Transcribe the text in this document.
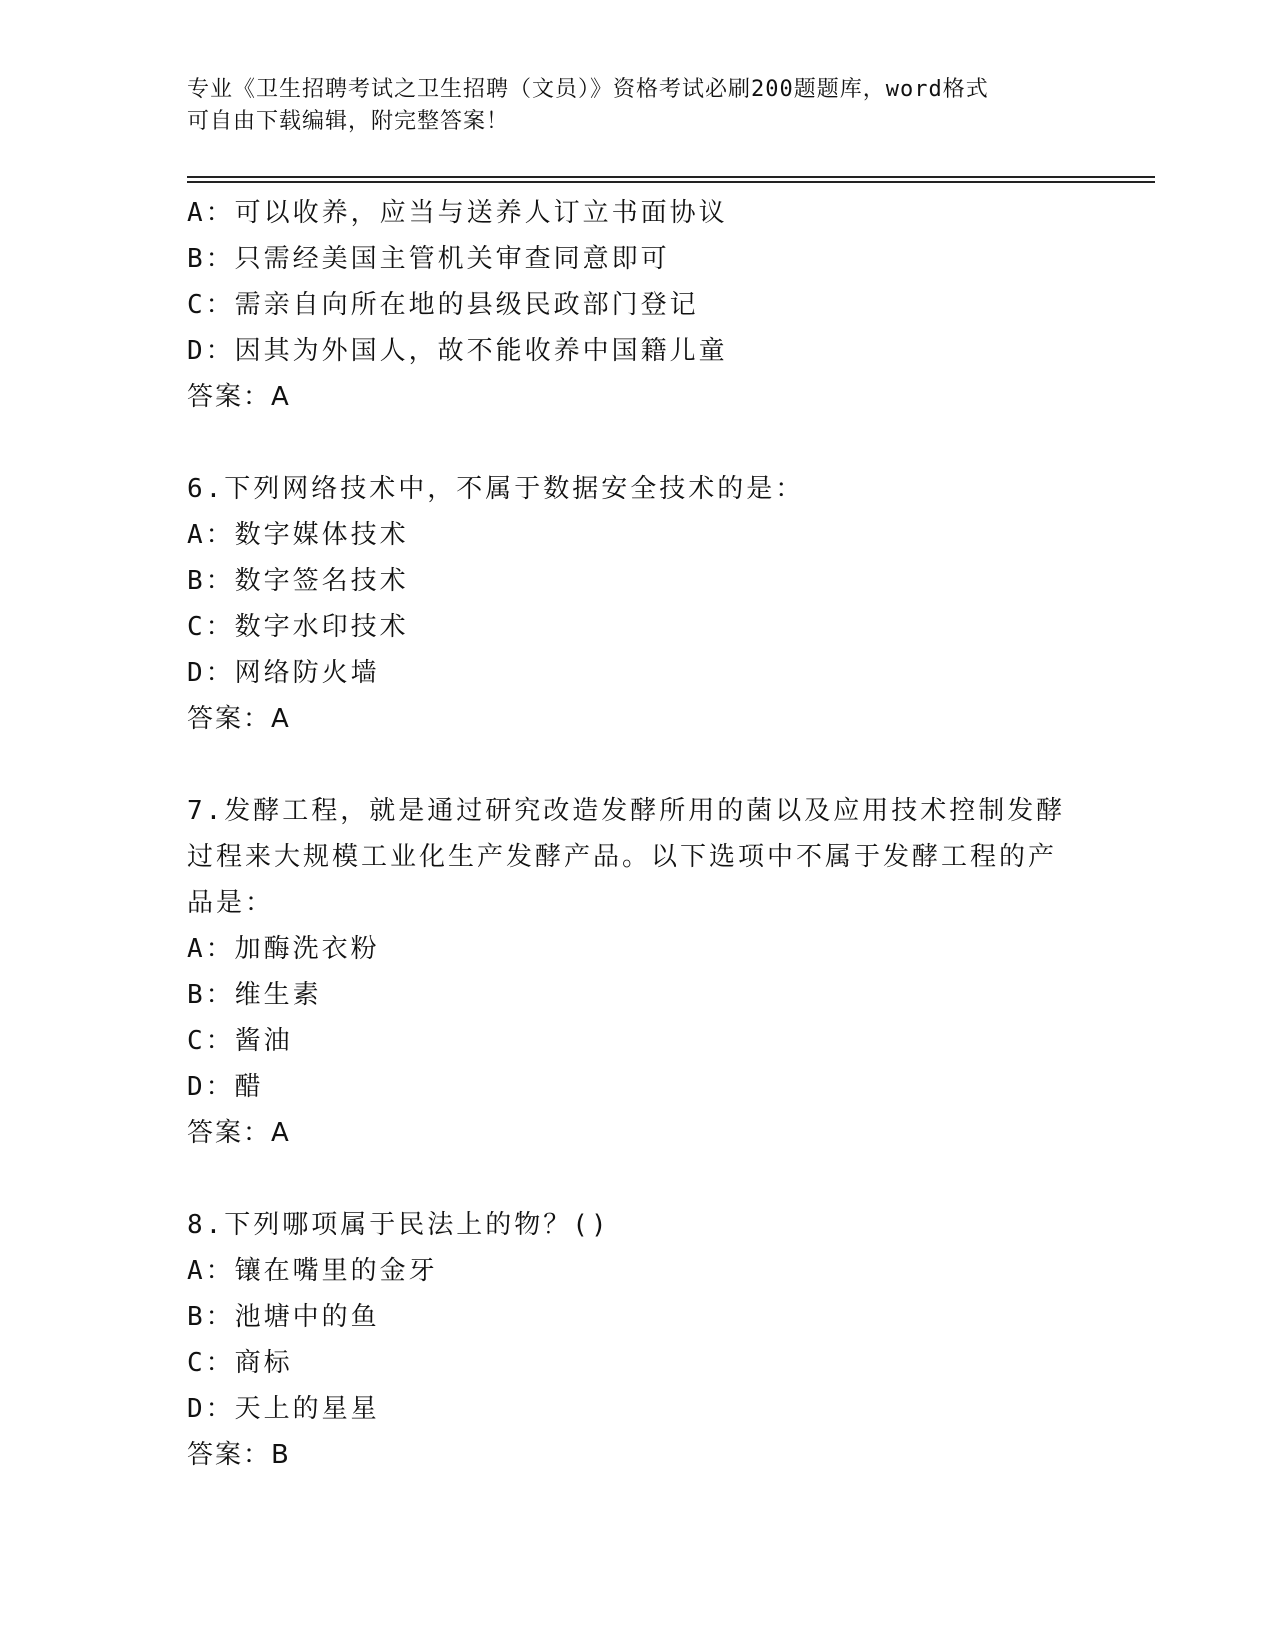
专业《卫生招聘考试之卫生招聘（文员）》资格考试必刷200题题库，word格式
可自由下载编辑，附完整答案！
A：可以收养，应当与送养人订立书面协议
B：只需经美国主管机关审查同意即可
C：需亲自向所在地的县级民政部门登记
D：因其为外国人，故不能收养中国籍儿童
答案：A
6.下列网络技术中，不属于数据安全技术的是：
A：数字媒体技术
B：数字签名技术
C：数字水印技术
D：网络防火墙
答案：A
7.发酵工程，就是通过研究改造发酵所用的菌以及应用技术控制发酵
过程来大规模工业化生产发酵产品。以下选项中不属于发酵工程的产
品是：
A：加酶洗衣粉
B：维生素
C：酱油
D：醋
答案：A
8.下列哪项属于民法上的物？()
A：镶在嘴里的金牙
B：池塘中的鱼
C：商标
D：天上的星星
答案：B
